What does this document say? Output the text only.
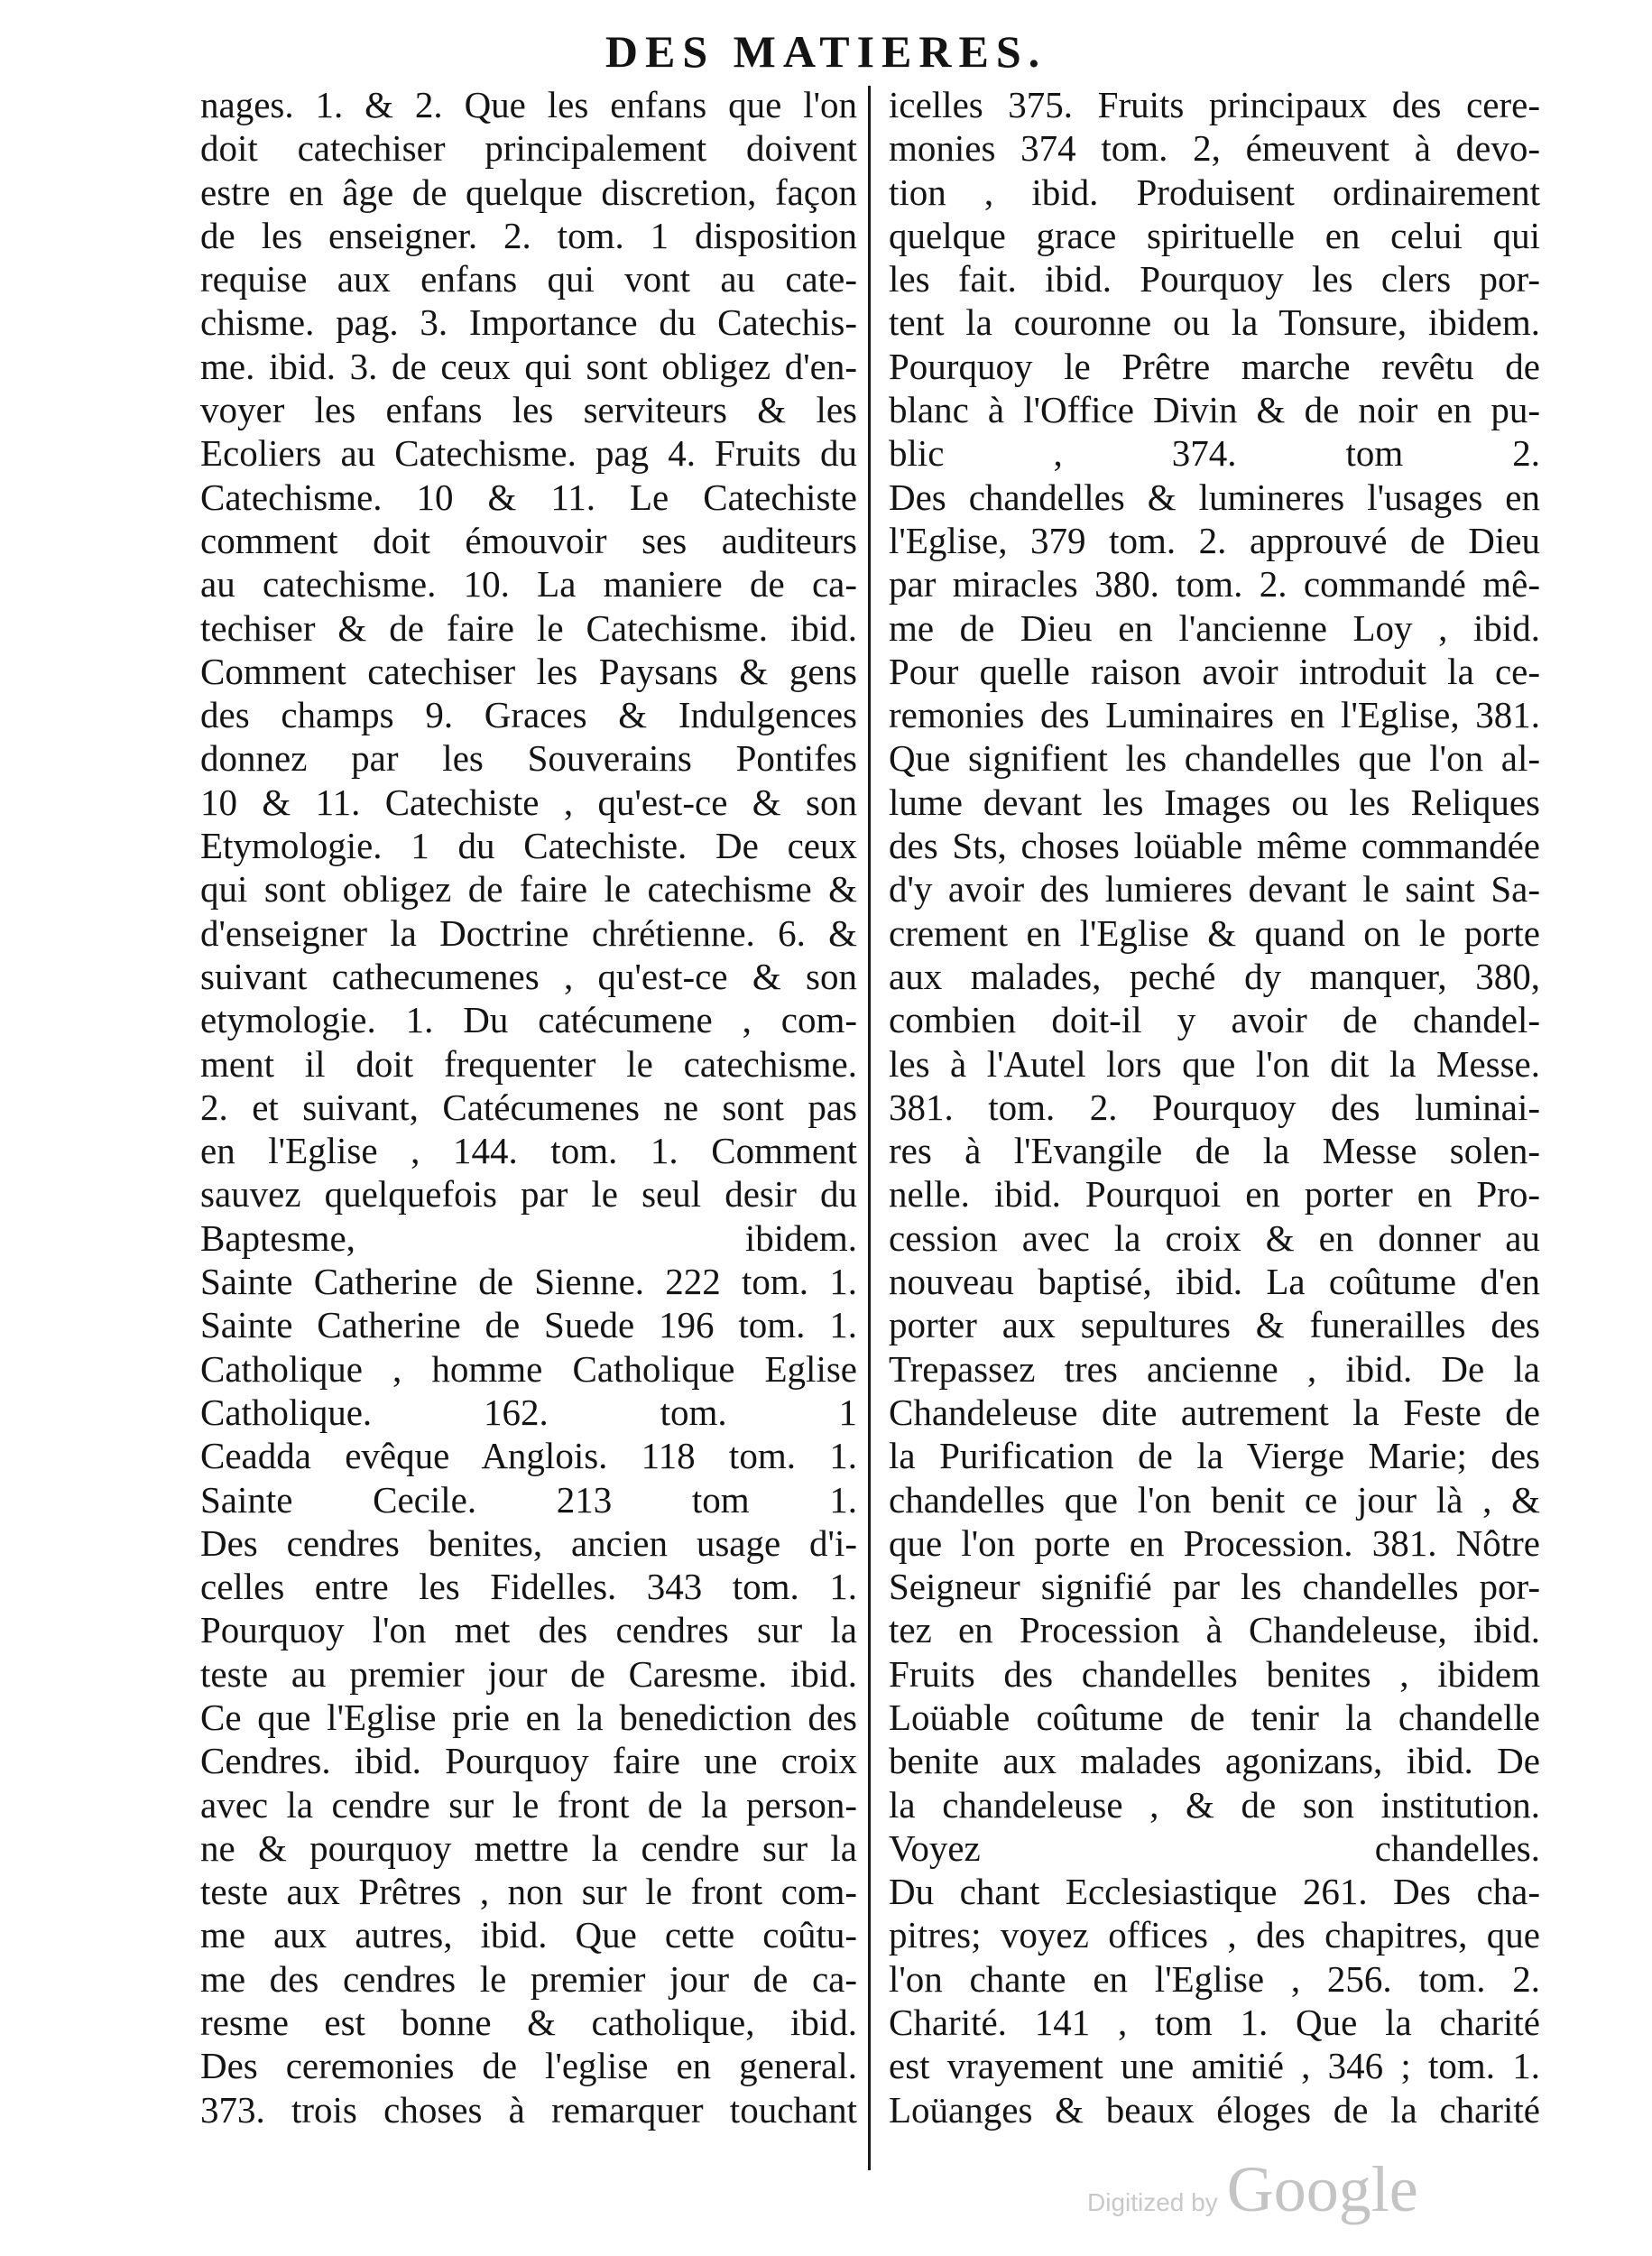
DES MATIERES.
nages. 1. & 2. Que les enfans que l'on
doit catechiser principalement doivent
estre en âge de quelque discretion, façon
de les enseigner. 2. tom. 1 disposition
requise aux enfans qui vont au cate-
chisme. pag. 3. Importance du Catechis-
me. ibid. 3. de ceux qui sont obligez d'en-
voyer les enfans les serviteurs & les
Ecoliers au Catechisme. pag 4. Fruits du
Catechisme. 10 & 11. Le Catechiste
comment doit émouvoir ses auditeurs
au catechisme. 10. La maniere de ca-
techiser & de faire le Catechisme. ibid.
Comment catechiser les Paysans & gens
des champs 9. Graces & Indulgences
donnez par les Souverains Pontifes
10 & 11. Catechiste , qu'est-ce & son
Etymologie. 1 du Catechiste. De ceux
qui sont obligez de faire le catechisme &
d'enseigner la Doctrine chrétienne. 6. &
suivant cathecumenes , qu'est-ce & son
etymologie. 1. Du catécumene , com-
ment il doit frequenter le catechisme.
2. et suivant, Catécumenes ne sont pas
en l'Eglise , 144. tom. 1. Comment
sauvez quelquefois par le seul desir du
Baptesme, ibidem.
Sainte Catherine de Sienne. 222 tom. 1.
Sainte Catherine de Suede 196 tom. 1.
Catholique , homme Catholique Eglise
Catholique. 162. tom. 1
Ceadda evêque Anglois. 118 tom. 1.
Sainte Cecile. 213 tom 1.
Des cendres benites, ancien usage d'i-
celles entre les Fidelles. 343 tom. 1.
Pourquoy l'on met des cendres sur la
teste au premier jour de Caresme. ibid.
Ce que l'Eglise prie en la benediction des
Cendres. ibid. Pourquoy faire une croix
avec la cendre sur le front de la person-
ne & pourquoy mettre la cendre sur la
teste aux Prêtres , non sur le front com-
me aux autres, ibid. Que cette coûtu-
me des cendres le premier jour de ca-
resme est bonne & catholique, ibid.
Des ceremonies de l'eglise en general.
373. trois choses à remarquer touchant
icelles 375. Fruits principaux des cere-
monies 374 tom. 2, émeuvent à devo-
tion , ibid. Produisent ordinairement
quelque grace spirituelle en celui qui
les fait. ibid. Pourquoy les clers por-
tent la couronne ou la Tonsure, ibidem.
Pourquoy le Prêtre marche revêtu de
blanc à l'Office Divin & de noir en pu-
blic , 374. tom 2.
Des chandelles & lumineres l'usages en
l'Eglise, 379 tom. 2. approuvé de Dieu
par miracles 380. tom. 2. commandé mê-
me de Dieu en l'ancienne Loy , ibid.
Pour quelle raison avoir introduit la ce-
remonies des Luminaires en l'Eglise, 381.
Que signifient les chandelles que l'on al-
lume devant les Images ou les Reliques
des Sts, choses loüable même commandée
d'y avoir des lumieres devant le saint Sa-
crement en l'Eglise & quand on le porte
aux malades, peché dy manquer, 380,
combien doit-il y avoir de chandel-
les à l'Autel lors que l'on dit la Messe.
381. tom. 2. Pourquoy des luminai-
res à l'Evangile de la Messe solen-
nelle. ibid. Pourquoi en porter en Pro-
cession avec la croix & en donner au
nouveau baptisé, ibid. La coûtume d'en
porter aux sepultures & funerailles des
Trepassez tres ancienne , ibid. De la
Chandeleuse dite autrement la Feste de
la Purification de la Vierge Marie; des
chandelles que l'on benit ce jour là , &
que l'on porte en Procession. 381. Nôtre
Seigneur signifié par les chandelles por-
tez en Procession à Chandeleuse, ibid.
Fruits des chandelles benites , ibidem
Loüable coûtume de tenir la chandelle
benite aux malades agonizans, ibid. De
la chandeleuse , & de son institution.
Voyez chandelles.
Du chant Ecclesiastique 261. Des cha-
pitres; voyez offices , des chapitres, que
l'on chante en l'Eglise , 256. tom. 2.
Charité. 141 , tom 1. Que la charité
est vrayement une amitié , 346 ; tom. 1.
Loüanges & beaux éloges de la charité
Digitized by Google
